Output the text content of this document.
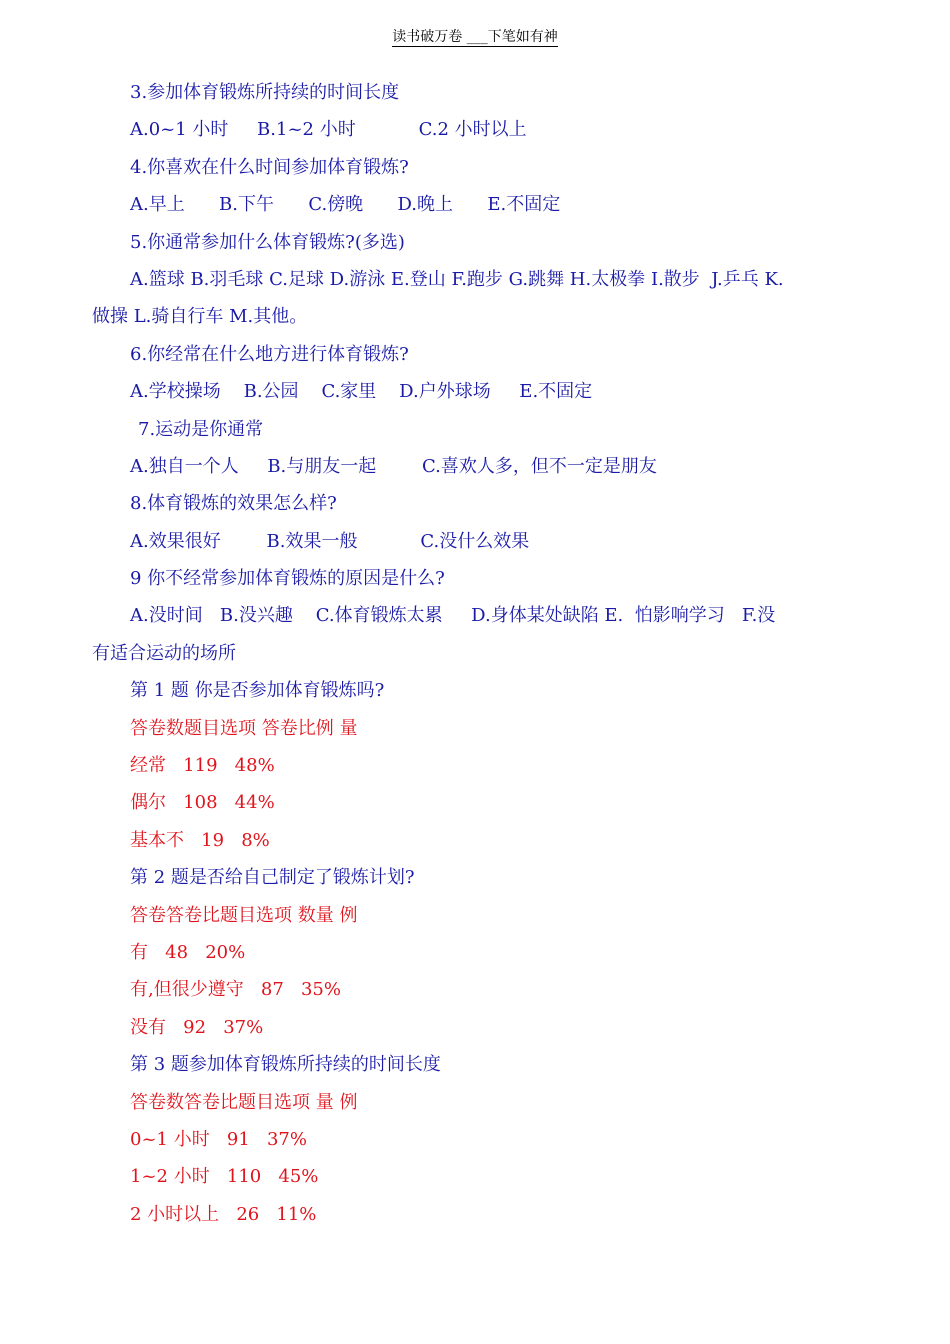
读书破万卷 ___下笔如有神
3.参加体育锻炼所持续的时间长度
A.0~1 小时     B.1~2 小时           C.2 小时以上
4.你喜欢在什么时间参加体育锻炼?
A.早上      B.下午      C.傍晚      D.晚上      E.不固定
5.你通常参加什么体育锻炼?(多选)
A.篮球 B.羽毛球 C.足球 D.游泳 E.登山 F.跑步 G.跳舞 H.太极拳 I.散步  J.乒乓 K.
做操 L.骑自行车 M.其他。
6.你经常在什么地方进行体育锻炼?
A.学校操场    B.公园    C.家里    D.户外球场     E.不固定
7.运动是你通常
A.独自一个人     B.与朋友一起        C.喜欢人多，但不一定是朋友
8.体育锻炼的效果怎么样?
A.效果很好        B.效果一般           C.没什么效果
9 你不经常参加体育锻炼的原因是什么?
A.没时间   B.没兴趣    C.体育锻炼太累     D.身体某处缺陷 E.  怕影响学习   F.没
有适合运动的场所
第 1 题 你是否参加体育锻炼吗?
答卷数题目选项 答卷比例 量
经常   119   48%
偶尔   108   44%
基本不   19   8%
第 2 题是否给自己制定了锻炼计划?
答卷答卷比题目选项 数量 例
有   48   20%
有,但很少遵守   87   35%
没有   92   37%
第 3 题参加体育锻炼所持续的时间长度
答卷数答卷比题目选项 量 例
0~1 小时   91   37%
1~2 小时   110   45%
2 小时以上   26   11%
